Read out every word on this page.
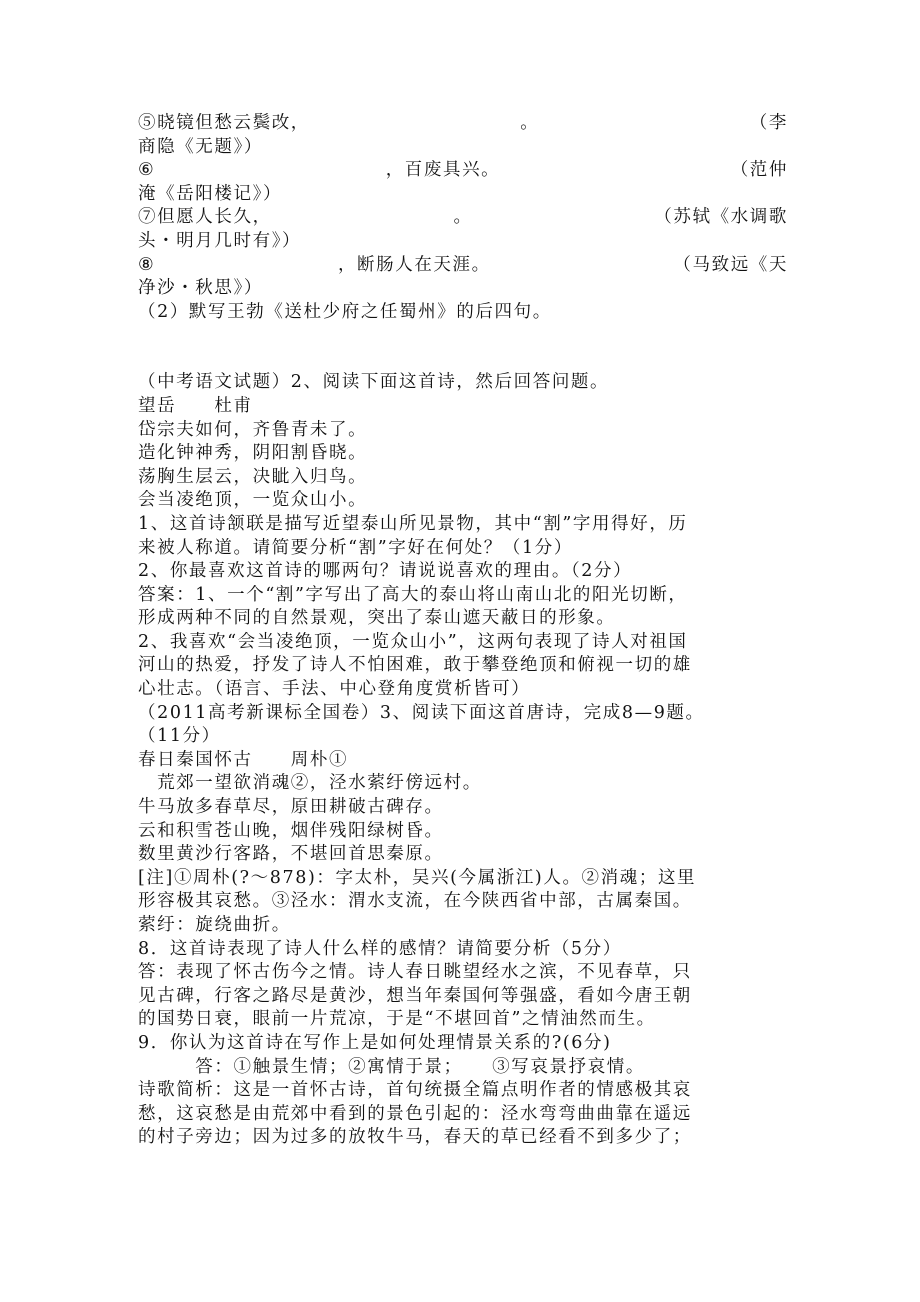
⑤晓镜但愁云鬓改，	。	（李
商隐《无题》）
⑥	，百废具兴。	（范仲
淹《岳阳楼记》）
⑦但愿人长久，	。	（苏轼《水调歌
头・明月几时有》）
⑧	，断肠人在天涯。	（马致远《天
净沙・秋思》）
（2）默写王勃《送杜少府之任蜀州》的后四句。
（中考语文试题）2、阅读下面这首诗，然后回答问题。
望岳　　杜甫
岱宗夫如何，齐鲁青未了。
造化钟神秀，阴阳割昏晓。
荡胸生层云，决眦入归鸟。
会当凌绝顶，一览众山小。
1、这首诗颔联是描写近望泰山所见景物，其中“割”字用得好，历
来被人称道。请简要分析“割”字好在何处？（1分）
2、你最喜欢这首诗的哪两句？请说说喜欢的理由。（2分）
答案：1、一个“割”字写出了高大的泰山将山南山北的阳光切断，
形成两种不同的自然景观，突出了泰山遮天蔽日的形象。
2、我喜欢“会当凌绝顶，一览众山小”，这两句表现了诗人对祖国
河山的热爱，抒发了诗人不怕困难，敢于攀登绝顶和俯视一切的雄
心壮志。（语言、手法、中心登角度赏析皆可）
（2011高考新课标全国卷）3、阅读下面这首唐诗，完成8—9题。
（11分）
春日秦国怀古　　周朴①
　荒郊一望欲消魂②，泾水萦纡傍远村。
牛马放多春草尽，原田耕破古碑存。
云和积雪苍山晚，烟伴残阳绿树昏。
数里黄沙行客路，不堪回首思秦原。
[注]①周朴(?～878)：字太朴，吴兴(今属浙江)人。②消魂；这里
形容极其哀愁。③泾水：渭水支流，在今陕西省中部，古属秦国。
萦纡：旋绕曲折。
8．这首诗表现了诗人什么样的感情？请简要分析（5分）
答：表现了怀古伤今之情。诗人春日眺望经水之滨，不见春草，只
见古碑，行客之路尽是黄沙，想当年秦国何等强盛，看如今唐王朝
的国势日衰，眼前一片荒凉，于是“不堪回首”之情油然而生。
9．你认为这首诗在写作上是如何处理情景关系的?(6分)
　　　答：①触景生情；②寓情于景；　　③写哀景抒哀情。
诗歌简析：这是一首怀古诗，首句统摄全篇点明作者的情感极其哀
愁，这哀愁是由荒郊中看到的景色引起的：泾水弯弯曲曲靠在遥远
的村子旁边；因为过多的放牧牛马，春天的草已经看不到多少了；
